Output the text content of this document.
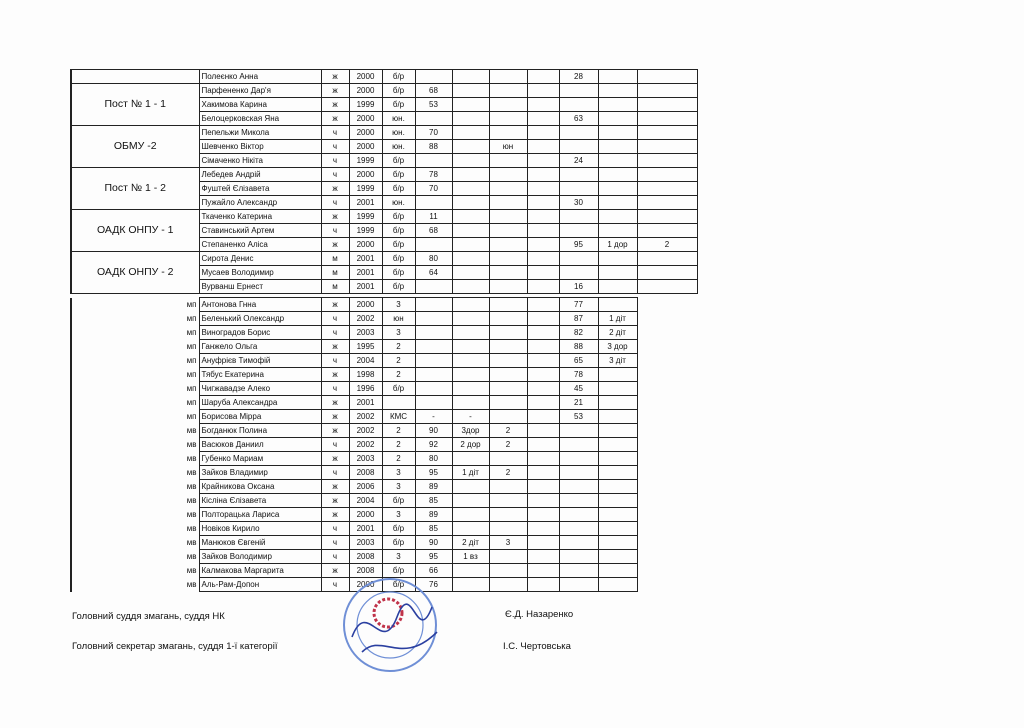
	Полеєнко Анна	ж	2000	б/р					28			
Пост № 1 - 1	Парфененко Дар'я	ж	2000	б/р	68							
	Хакимова Карина	ж	1999	б/р	53							
	Белоцерковская Яна	ж	2000	юн.					63			
ОБМУ -2	Пепельжи Микола	ч	2000	юн.	70							
	Шевченко Віктор	ч	2000	юн.	88		юн					
	Сімаченко Нікіта	ч	1999	б/р					24			
Пост № 1 - 2	Лебедев Андрій	ч	2000	б/р	78							
	Фуштей Єлізавета	ж	1999	б/р	70							
	Пужайло Александр	ч	2001	юн.					30			
ОАДК ОНПУ - 1	Ткаченко Катерина	ж	1999	б/р	11							
	Ставинський Артем	ч	1999	б/р	68							
	Степаненко Аліса	ж	2000	б/р					95	1 дор	2	
ОАДК ОНПУ - 2	Сирота Денис	м	2001	б/р	80							
	Мусаев Володимир	м	2001	б/р	64							
	Вурванш Ернест	м	2001	б/р					16			
мп	Антонова Гнна	ж	2000	3					77		
мп	Беленький Олександр	ч	2002	юн					87	1 діт	
мп	Виноградов Борис	ч	2003	3					82	2 діт	
мп	Ганжело Ольга	ж	1995	2					88	3 дор	
мп	Ануфрієв Тимофій	ч	2004	2					65	3 діт	
мп	Тябус Екатерина	ж	1998	2					78		
мп	Чигжавадзе Алеко	ч	1996	б/р					45		
мп	Шаруба Александра	ж	2001						21		
мп	Борисова Мірра	ж	2002	КМС	-	-			53		
мв	Богданюк Полина	ж	2002	2	90	3дор	2				
мв	Васюков Даниил	ч	2002	2	92	2 дор	2				
мв	Губенко Мариам	ж	2003	2	80						
мв	Зайков Владимир	ч	2008	3	95	1 діт	2				
мв	Крайникова Оксана	ж	2006	3	89						
мв	Кісліна Єлізавета	ж	2004	б/р	85						
мв	Полторацька Лариса	ж	2000	3	89						
мв	Новіков Кирило	ч	2001	б/р	85						
мв	Манюков Євгеній	ч	2003	б/р	90	2 діт	3				
мв	Зайков Володимир	ч	2008	3	95	1 вз					
мв	Калмакова Маргарита	ж	2008	б/р	66						
мв	Аль-Рам-Допон	ч	2000	б/р	76						
Головний суддя змагань, суддя НК	Є.Д. Назаренко
Головний секретар змагань, суддя 1-ї категорії	І.С. Чертовська
